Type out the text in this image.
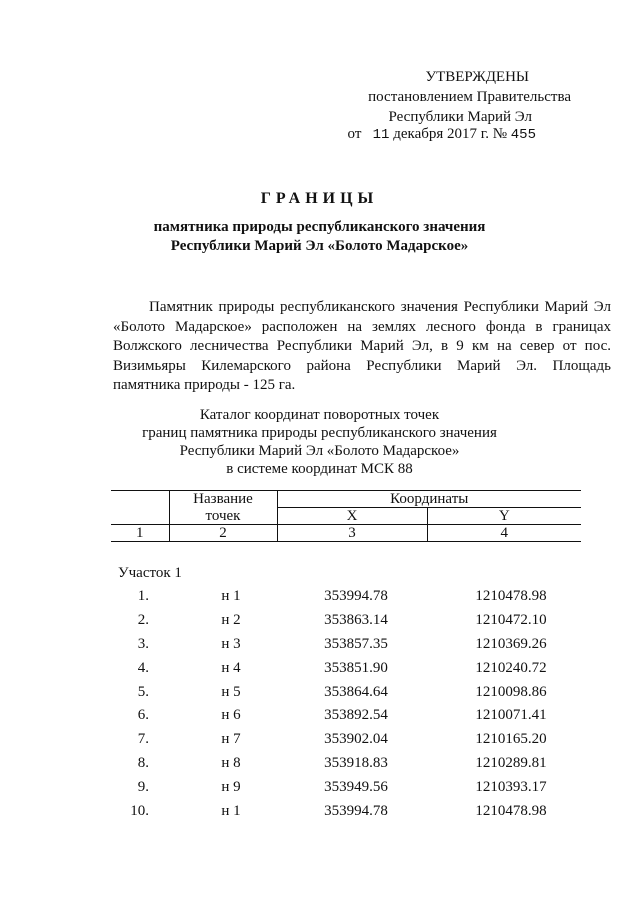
УТВЕРЖДЕНЫ
постановлением Правительства
Республики Марий Эл
от 11 декабря 2017 г. № 455
ГРАНИЦЫ
памятника природы республиканского значения
Республики Марий Эл «Болото Мадарское»
Памятник природы республиканского значения Республики Марий Эл «Болото Мадарское» расположен на землях лесного фонда в границах Волжского лесничества Республики Марий Эл, в 9 км на север от пос. Визимьяры Килемарского района Республики Марий Эл. Площадь памятника природы - 125 га.
Каталог координат поворотных точек
границ памятника природы республиканского значения
Республики Марий Эл «Болото Мадарское»
в системе координат МСК 88
	Название	Координаты	
	точек	X	Y
1	2	3	4
Участок 1
1.	н 1	353994.78	1210478.98
2.	н 2	353863.14	1210472.10
3.	н 3	353857.35	1210369.26
4.	н 4	353851.90	1210240.72
5.	н 5	353864.64	1210098.86
6.	н 6	353892.54	1210071.41
7.	н 7	353902.04	1210165.20
8.	н 8	353918.83	1210289.81
9.	н 9	353949.56	1210393.17
10.	н 1	353994.78	1210478.98
